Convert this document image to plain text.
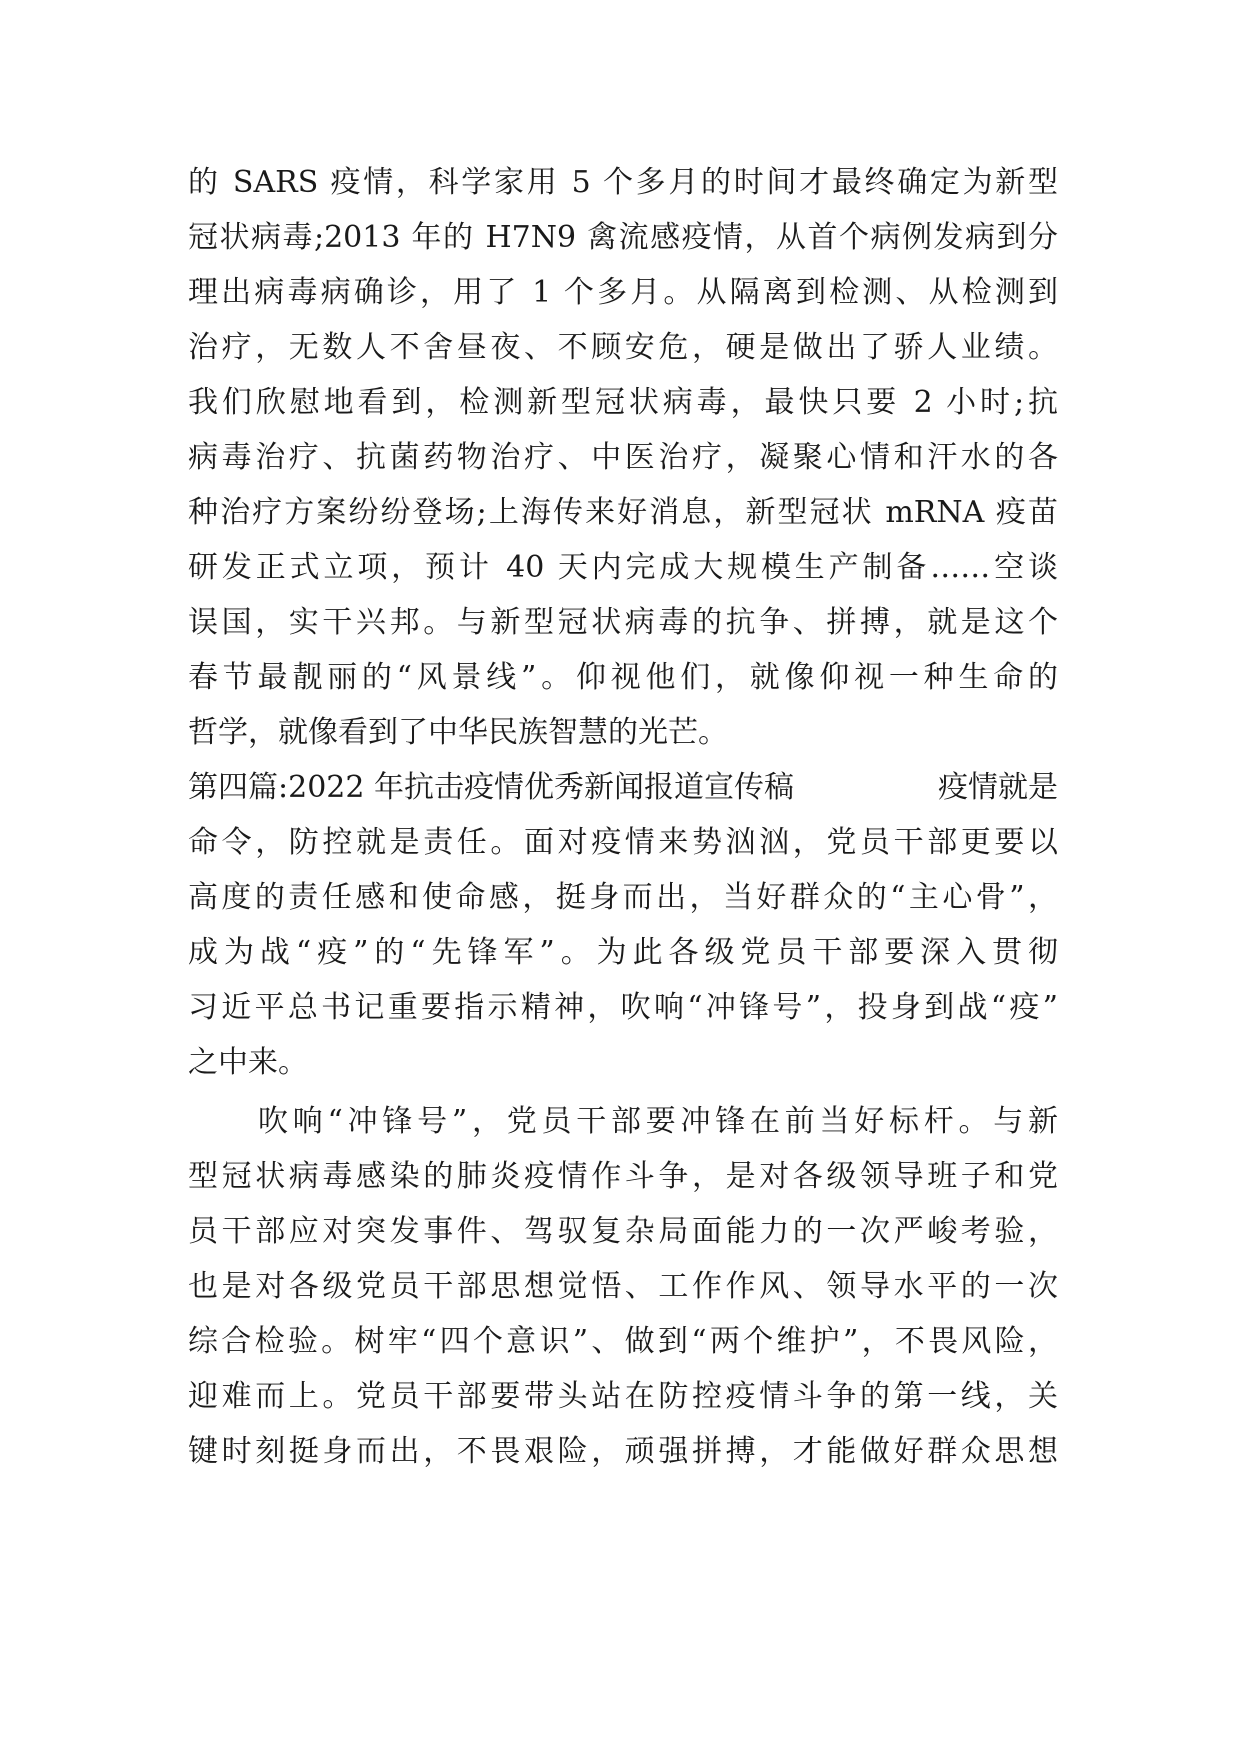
的 SARS 疫情，科学家用 5 个多月的时间才最终确定为新型
冠状病毒;2013 年的 H7N9 禽流感疫情，从首个病例发病到分
理出病毒病确诊，用了 1 个多月。从隔离到检测、从检测到
治疗，无数人不舍昼夜、不顾安危，硬是做出了骄人业绩。
我们欣慰地看到，检测新型冠状病毒，最快只要 2 小时;抗
病毒治疗、抗菌药物治疗、中医治疗，凝聚心情和汗水的各
种治疗方案纷纷登场;上海传来好消息，新型冠状 mRNA 疫苗
研发正式立项，预计 40 天内完成大规模生产制备……空谈
误国，实干兴邦。与新型冠状病毒的抗争、拼搏，就是这个
春节最靓丽的“风景线”。仰视他们，就像仰视一种生命的
哲学，就像看到了中华民族智慧的光芒。
第四篇:2022 年抗击疫情优秀新闻报道宣传稿	疫情就是
命令，防控就是责任。面对疫情来势汹汹，党员干部更要以
高度的责任感和使命感，挺身而出，当好群众的“主心骨”，
成为战“疫”的“先锋军”。为此各级党员干部要深入贯彻
习近平总书记重要指示精神，吹响“冲锋号”，投身到战“疫”
之中来。
吹响“冲锋号”，党员干部要冲锋在前当好标杆。与新
型冠状病毒感染的肺炎疫情作斗争，是对各级领导班子和党
员干部应对突发事件、驾驭复杂局面能力的一次严峻考验，
也是对各级党员干部思想觉悟、工作作风、领导水平的一次
综合检验。树牢“四个意识”、做到“两个维护”，不畏风险，
迎难而上。党员干部要带头站在防控疫情斗争的第一线，关
键时刻挺身而出，不畏艰险，顽强拼搏，才能做好群众思想
